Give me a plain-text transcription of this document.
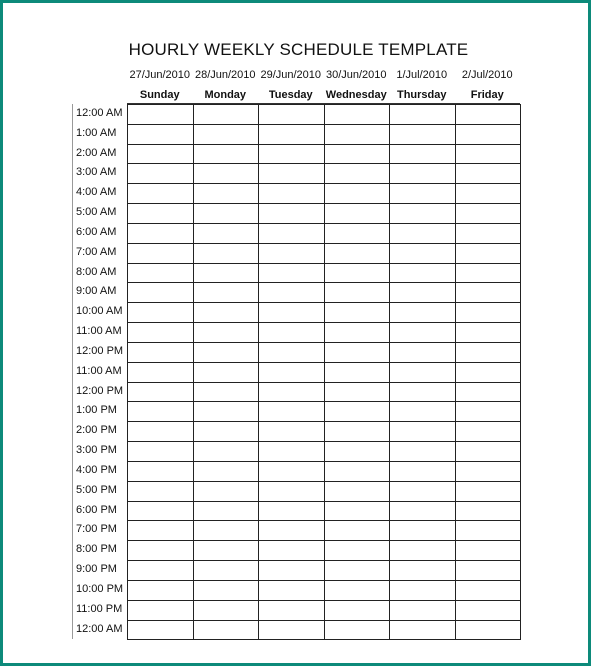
HOURLY WEEKLY SCHEDULE TEMPLATE
27/Jun/2010 28/Jun/2010 29/Jun/2010 30/Jun/2010 1/Jul/2010	2/Jul/2010
Sunday	Monday	Tuesday	Wednesday Thursday	Friday
12:00 AM
1:00 AM
2:00 AM
3:00 AM
4:00 AM
5:00 AM
6:00 AM
7:00 AM
8:00 AM
9:00 AM
10:00 AM
11:00 AM
12:00 PM
11:00 AM
12:00 PM
1:00 PM
2:00 PM
3:00 PM
4:00 PM
5:00 PM
6:00 PM
7:00 PM
8:00 PM
9:00 PM
10:00 PM
11:00 PM
12:00 AM
